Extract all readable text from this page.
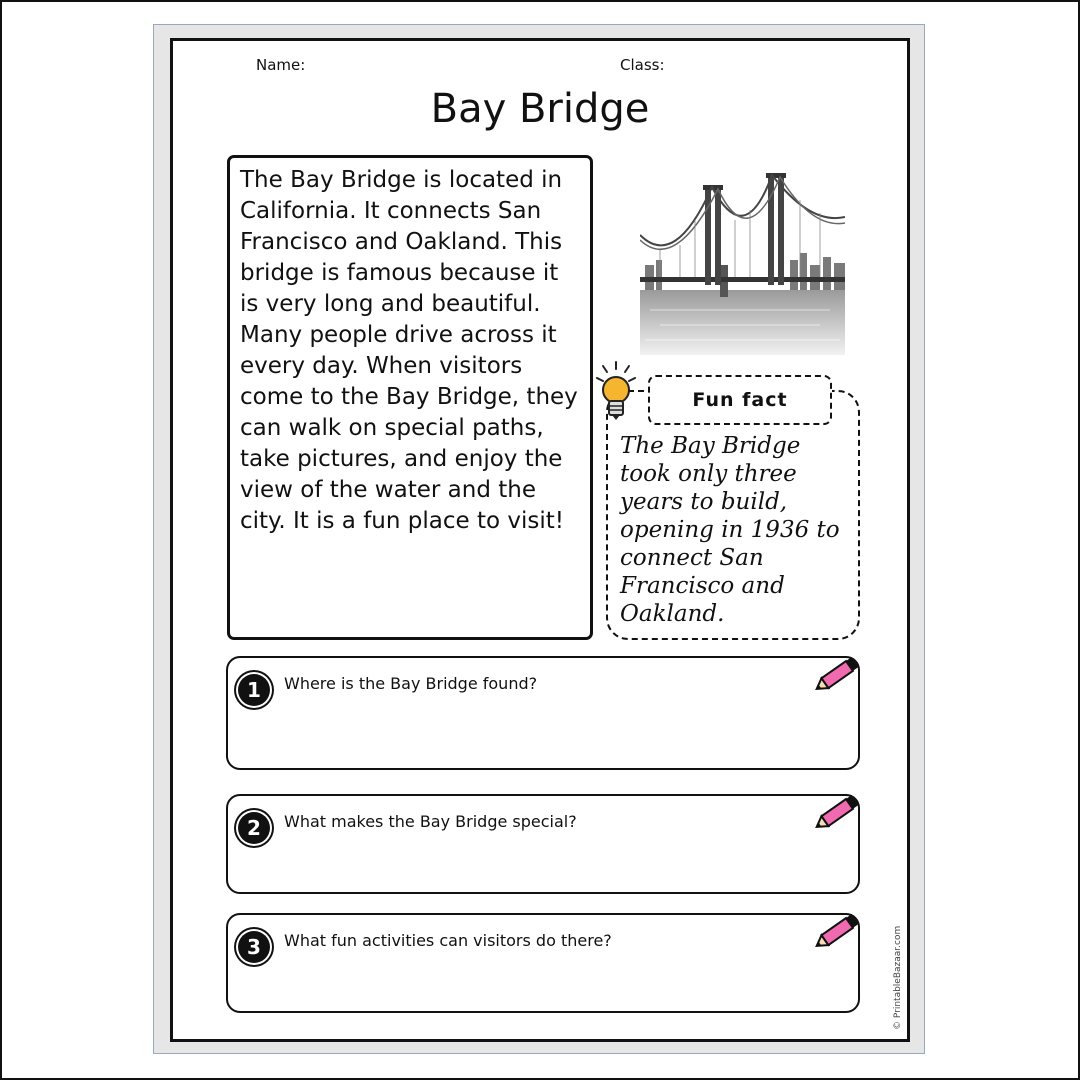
Name:	Class:
Bay Bridge
The Bay Bridge is located in California. It connects San Francisco and Oakland. This bridge is famous because it is very long and beautiful. Many people drive across it every day. When visitors come to the Bay Bridge, they can walk on special paths, take pictures, and enjoy the view of the water and the city. It is a fun place to visit!
The Bay Bridge took only three years to build, opening in 1936 to connect San Francisco and Oakland.
Fun fact
1	Where is the Bay Bridge found?
2	What makes the Bay Bridge special?
3	What fun activities can visitors do there?	© PrintableBazaar.com
